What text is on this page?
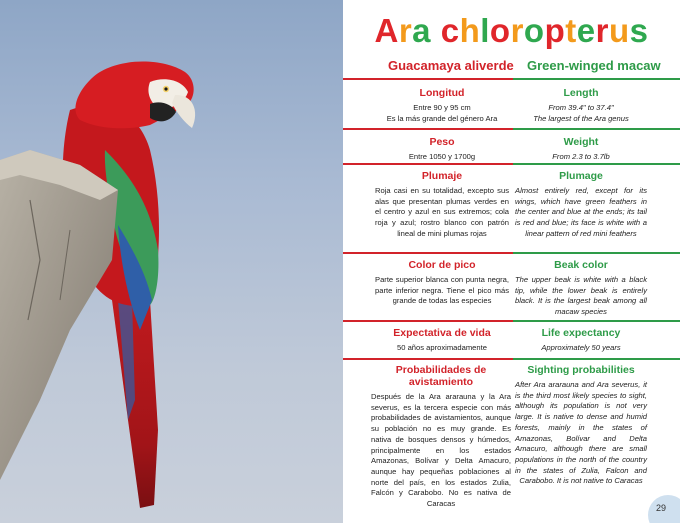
Ara chloropterus
Guacamaya aliverde Green-winged macaw
Longitud
Entre 90 y 95 cm
Es la más grande del género Ara
Length
From 39.4" to 37.4"
The largest of the Ara genus
Peso
Entre 1050 y 1700g
Weight
From 2.3 to 3.7lb
Plumaje
Roja casi en su totalidad, excepto sus alas que presentan plumas verdes en el centro y azul en sus extremos; cola roja y azul; rostro blanco con patrón lineal de mini plumas rojas
Plumage
Almost entirely red, except for its wings, which have green feathers in the center and blue at the ends; its tail is red and blue; its face is white with a linear pattern of red mini feathers
Color de pico
Parte superior blanca con punta negra, parte inferior negra. Tiene el pico más grande de todas las especies
Beak color
The upper beak is white with a black tip, while the lower beak is entirely black. It is the largest beak among all macaw species
Expectativa de vida
50 años aproximadamente
Life expectancy
Approximately 50 years
Probabilidades de avistamiento
Después de la Ara ararauna y la Ara severus, es la tercera especie con más probabilidades de avistamientos, aunque su población no es muy grande. Es nativa de bosques densos y húmedos, principalmente en los estados Amazonas, Bolívar y Delta Amacuro, aunque hay pequeñas poblaciones al norte del país, en los estados Zulia, Falcón y Carabobo. No es nativa de Caracas
Sighting probabilities
After Ara ararauna and Ara severus, it is the third most likely species to sight, although its population is not very large. It is native to dense and humid forests, mainly in the states of Amazonas, Bolívar and Delta Amacuro, although there are small populations in the north of the country in the states of Zulia, Falcon and Carabobo. It is not native to Caracas
29
